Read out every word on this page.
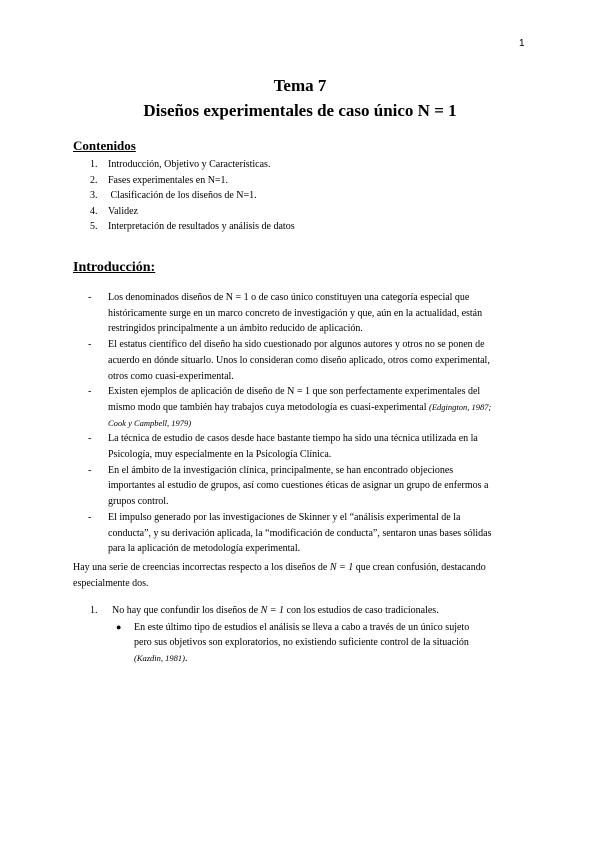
1
Tema 7
Diseños experimentales de caso único N = 1
Contenidos
1.	Introducción, Objetivo y Características.
2.	Fases experimentales en N=1.
3.	Clasificación de los diseños de N=1.
4.	Validez
5.	Interpretación de resultados y análisis de datos
Introducción:
-	Los denominados diseños de N = 1 o de caso único constituyen una categoría especial que históricamente surge en un marco concreto de investigación y que, aún en la actualidad, están restringidos principalmente a un ámbito reducido de aplicación.
-	El estatus científico del diseño ha sido cuestionado por algunos autores y otros no se ponen de acuerdo en dónde situarlo. Unos lo consideran como diseño aplicado, otros como experimental, otros como cuasi-experimental.
-	Existen ejemplos de aplicación de diseño de N = 1 que son perfectamente experimentales del mismo modo que también hay trabajos cuya metodología es cuasi-experimental (Edgington, 1987; Cook y Campbell, 1979)
-	La técnica de estudio de casos desde hace bastante tiempo ha sido una técnica utilizada en la Psicología, muy especialmente en la Psicología Clínica.
-	En el ámbito de la investigación clínica, principalmente, se han encontrado objeciones importantes al estudio de grupos, así como cuestiones éticas de asignar un grupo de enfermos a grupos control.
-	El impulso generado por las investigaciones de Skinner y el “análisis experimental de la conducta”, y su derivación aplicada, la “modificación de conducta”, sentaron unas bases sólidas para la aplicación de metodología experimental.
Hay una serie de creencias incorrectas respecto a los diseños de N = 1 que crean confusión, destacando especialmente dos.
1.	No hay que confundir los diseños de N = 1 con los estudios de caso tradicionales.
●	En este último tipo de estudios el análisis se lleva a cabo a través de un único sujeto pero sus objetivos son exploratorios, no existiendo suficiente control de la situación (Kazdin, 1981).
